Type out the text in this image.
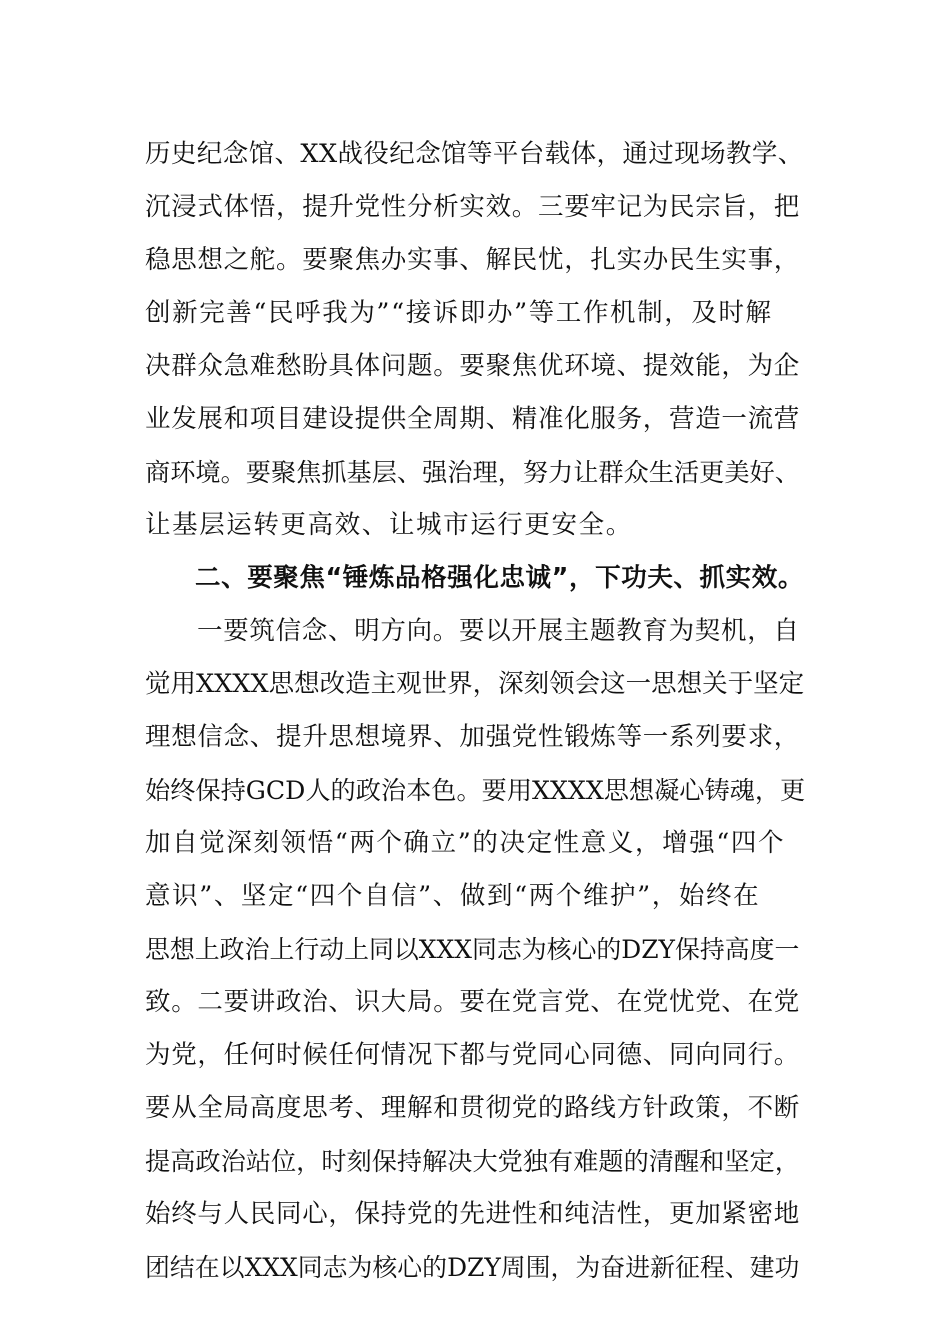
历史纪念馆、XX战役纪念馆等平台载体，通过现场教学、
沉浸式体悟，提升党性分析实效。三要牢记为民宗旨，把
稳思想之舵。要聚焦办实事、解民忧，扎实办民生实事，
创新完善“民呼我为”“接诉即办”等工作机制，及时解
决群众急难愁盼具体问题。要聚焦优环境、提效能，为企
业发展和项目建设提供全周期、精准化服务，营造一流营
商环境。要聚焦抓基层、强治理，努力让群众生活更美好、
让基层运转更高效、让城市运行更安全。
二、要聚焦“锤炼品格强化忠诚”，下功夫、抓实效。
一要筑信念、明方向。要以开展主题教育为契机，自
觉用XXXX思想改造主观世界，深刻领会这一思想关于坚定
理想信念、提升思想境界、加强党性锻炼等一系列要求，
始终保持GCD人的政治本色。要用XXXX思想凝心铸魂，更
加自觉深刻领悟“两个确立”的决定性意义，增强“四个
意识”、坚定“四个自信”、做到“两个维护”，始终在
思想上政治上行动上同以XXX同志为核心的DZY保持高度一
致。二要讲政治、识大局。要在党言党、在党忧党、在党
为党，任何时候任何情况下都与党同心同德、同向同行。
要从全局高度思考、理解和贯彻党的路线方针政策，不断
提高政治站位，时刻保持解决大党独有难题的清醒和坚定，
始终与人民同心，保持党的先进性和纯洁性，更加紧密地
团结在以XXX同志为核心的DZY周围，为奋进新征程、建功
